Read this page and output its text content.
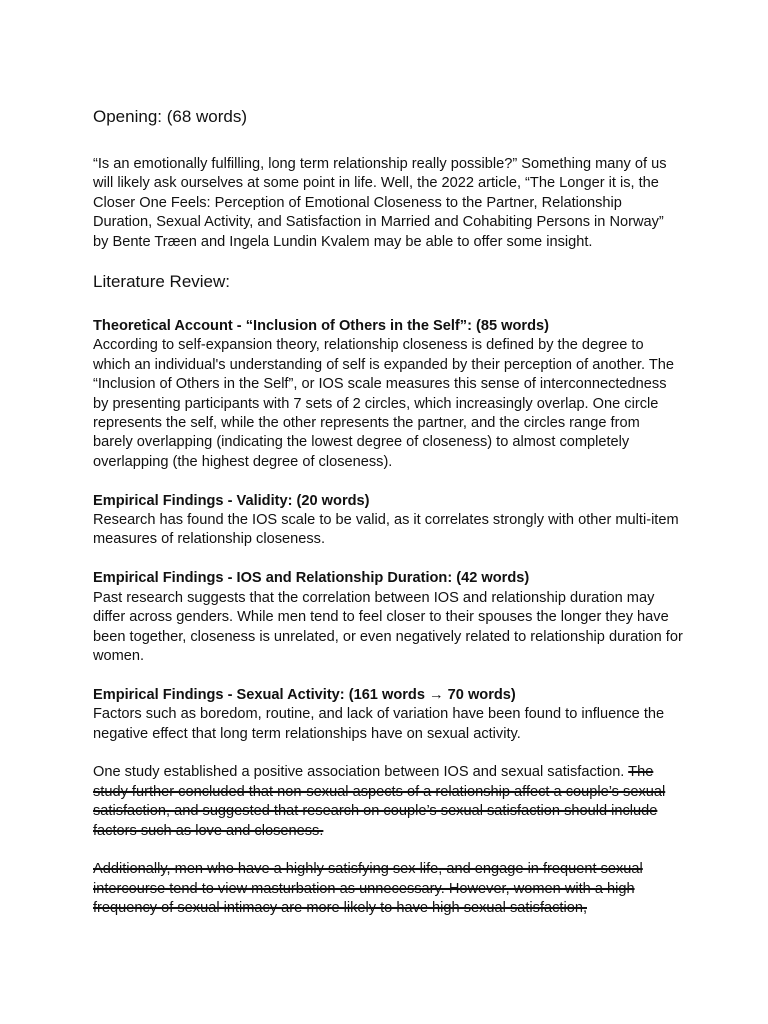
Opening: (68 words)

“Is an emotionally fulfilling, long term relationship really possible?” Something many of us will likely ask ourselves at some point in life. Well, the 2022 article, “The Longer it is, the Closer One Feels: Perception of Emotional Closeness to the Partner, Relationship Duration, Sexual Activity, and Satisfaction in Married and Cohabiting Persons in Norway” by Bente Træen and Ingela Lundin Kvalem may be able to offer some insight.

Literature Review:

Theoretical Account - “Inclusion of Others in the Self”: (85 words)

According to self-expansion theory, relationship closeness is defined by the degree to which an individual's understanding of self is expanded by their perception of another. The “Inclusion of Others in the Self”, or IOS scale measures this sense of interconnectedness by presenting participants with 7 sets of 2 circles, which increasingly overlap. One circle represents the self, while the other represents the partner, and the circles range from barely overlapping (indicating the lowest degree of closeness) to almost completely overlapping (the highest degree of closeness).

Empirical Findings - Validity: (20 words)

Research has found the IOS scale to be valid, as it correlates strongly with other multi-item measures of relationship closeness.

Empirical Findings - IOS and Relationship Duration: (42 words)

Past research suggests that the correlation between IOS and relationship duration may differ across genders. While men tend to feel closer to their spouses the longer they have been together, closeness is unrelated, or even negatively related to relationship duration for women.

Empirical Findings - Sexual Activity: (161 words → 70 words)

Factors such as boredom, routine, and lack of variation have been found to influence the negative effect that long term relationships have on sexual activity.

One study established a positive association between IOS and sexual satisfaction. The study further concluded that non-sexual aspects of a relationship affect a couple’s sexual satisfaction, and suggested that research on couple’s sexual satisfaction should include factors such as love and closeness.

Additionally, men who have a highly satisfying sex life, and engage in frequent sexual intercourse tend to view masturbation as unnecessary. However, women with a high frequency of sexual intimacy are more likely to have high sexual satisfaction,
